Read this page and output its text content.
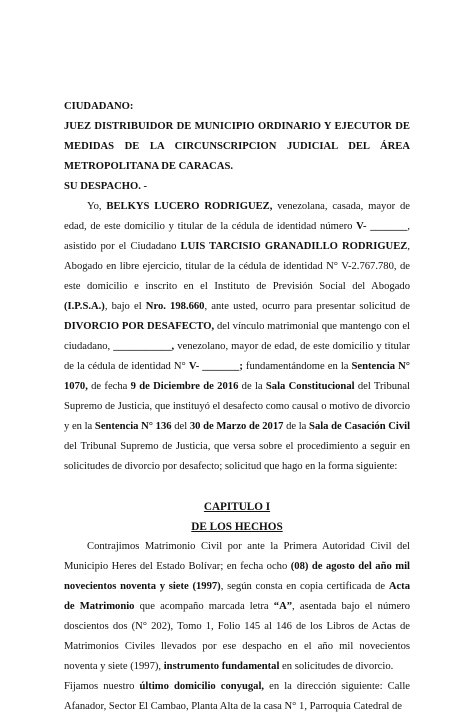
CIUDADANO:

JUEZ DISTRIBUIDOR DE MUNICIPIO ORDINARIO Y EJECUTOR DE MEDIDAS DE LA CIRCUNSCRIPCION JUDICIAL DEL ÁREA METROPOLITANA DE CARACAS.

SU DESPACHO. -

Yo, BELKYS LUCERO RODRIGUEZ, venezolana, casada, mayor de edad, de este domicilio y titular de la cédula de identidad número V- _______, asistido por el Ciudadano LUIS TARCISIO GRANADILLO RODRIGUEZ, Abogado en libre ejercicio, titular de la cédula de identidad N° V-2.767.780, de este domicilio e inscrito en el Instituto de Previsión Social del Abogado (I.P.S.A.), bajo el Nro. 198.660, ante usted, ocurro para presentar solicitud de DIVORCIO POR DESAFECTO, del vínculo matrimonial que mantengo con el ciudadano, ___________, venezolano, mayor de edad, de este domicilio y titular de la cédula de identidad N° V- _______; fundamentándome en la Sentencia N° 1070, de fecha 9 de Diciembre de 2016 de la Sala Constitucional del Tribunal Supremo de Justicia, que instituyó el desafecto como causal o motivo de divorcio y en la Sentencia N° 136 del 30 de Marzo de 2017 de la Sala de Casación Civil del Tribunal Supremo de Justicia, que versa sobre el procedimiento a seguir en solicitudes de divorcio por desafecto; solicitud que hago en la forma siguiente:

CAPITULO I

DE LOS HECHOS

Contrajimos Matrimonio Civil por ante la Primera Autoridad Civil del Municipio Heres del Estado Bolívar; en fecha ocho (08) de agosto del año mil novecientos noventa y siete (1997), según consta en copia certificada de Acta de Matrimonio que acompaño marcada letra “A”, asentada bajo el número doscientos dos (N° 202), Tomo 1, Folio 145 al 146 de los Libros de Actas de Matrimonios Civiles llevados por ese despacho en el año mil novecientos noventa y siete (1997), instrumento fundamental en solicitudes de divorcio.

Fijamos nuestro último domicilio conyugal, en la dirección siguiente: Calle Afanador, Sector El Cambao, Planta Alta de la casa N° 1, Parroquia Catedral de
